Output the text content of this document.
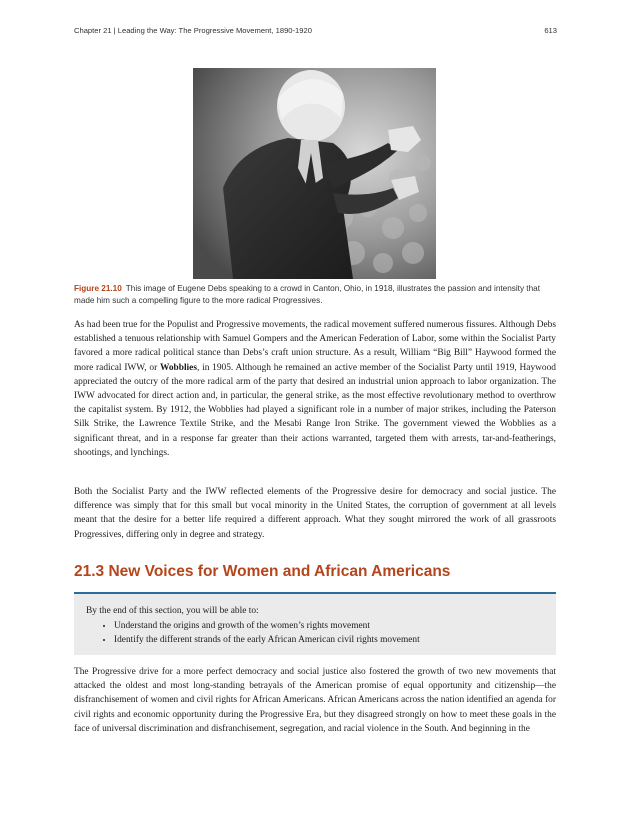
Chapter 21 | Leading the Way: The Progressive Movement, 1890-1920	613
Figure 21.10 This image of Eugene Debs speaking to a crowd in Canton, Ohio, in 1918, illustrates the passion and intensity that made him such a compelling figure to the more radical Progressives.

As had been true for the Populist and Progressive movements, the radical movement suffered numerous fissures. Although Debs established a tenuous relationship with Samuel Gompers and the American Federation of Labor, some within the Socialist Party favored a more radical political stance than Debs’s craft union structure. As a result, William “Big Bill” Haywood formed the more radical IWW, or Wobblies, in 1905. Although he remained an active member of the Socialist Party until 1919, Haywood appreciated the outcry of the more radical arm of the party that desired an industrial union approach to labor organization. The IWW advocated for direct action and, in particular, the general strike, as the most effective revolutionary method to overthrow the capitalist system. By 1912, the Wobblies had played a significant role in a number of major strikes, including the Paterson Silk Strike, the Lawrence Textile Strike, and the Mesabi Range Iron Strike. The government viewed the Wobblies as a significant threat, and in a response far greater than their actions warranted, targeted them with arrests, tar-and-featherings, shootings, and lynchings.

Both the Socialist Party and the IWW reflected elements of the Progressive desire for democracy and social justice. The difference was simply that for this small but vocal minority in the United States, the corruption of government at all levels meant that the desire for a better life required a different approach. What they sought mirrored the work of all grassroots Progressives, differing only in degree and strategy.

21.3 New Voices for Women and African Americans
By the end of this section, you will be able to:
• Understand the origins and growth of the women’s rights movement
• Identify the different strands of the early African American civil rights movement

The Progressive drive for a more perfect democracy and social justice also fostered the growth of two new movements that attacked the oldest and most long-standing betrayals of the American promise of equal opportunity and citizenship—the disfranchisement of women and civil rights for African Americans. African Americans across the nation identified an agenda for civil rights and economic opportunity during the Progressive Era, but they disagreed strongly on how to meet these goals in the face of universal discrimination and disfranchisement, segregation, and racial violence in the South. And beginning in the
